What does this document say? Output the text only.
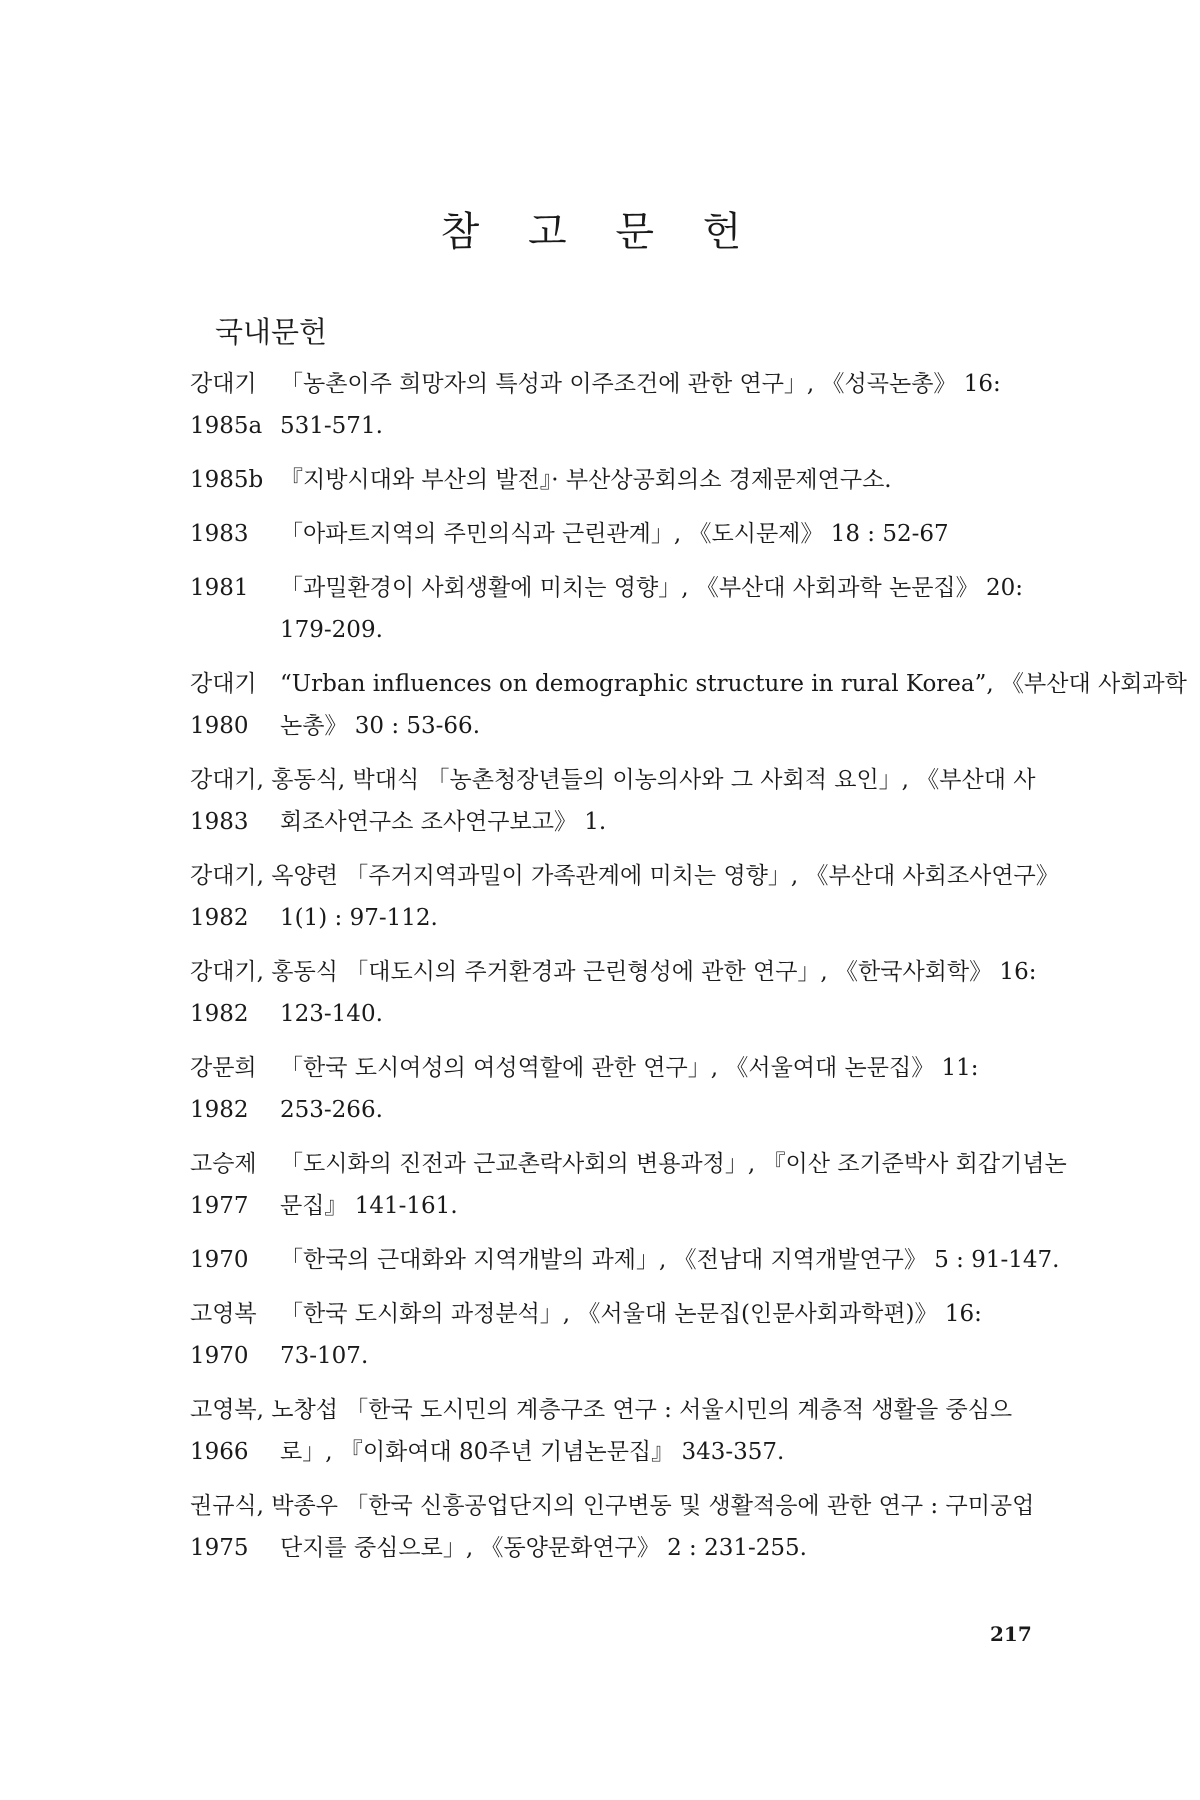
참 고 문 헌
국내문헌
강대기	「농촌이주 희망자의 특성과 이주조건에 관한 연구」, 《성곡논총》 16:
1985a 531-571.
1985b 『지방시대와 부산의 발전』· 부산상공회의소 경제문제연구소.
1983	「아파트지역의 주민의식과 근린관계」, 《도시문제》 18 : 52-67
1981	「과밀환경이 사회생활에 미치는 영향」, 《부산대 사회과학 논문집》 20:
179-209.
강대기	“Urban influences on demographic structure in rural Korea”, 《부산대 사회과학
1980	논총》 30 : 53-66.
강대기, 홍동식, 박대식 「농촌청장년들의 이농의사와 그 사회적 요인」, 《부산대 사
1983	회조사연구소 조사연구보고》 1.
강대기, 옥양련 「주거지역과밀이 가족관계에 미치는 영향」, 《부산대 사회조사연구》
1982	1(1) : 97-112.
강대기, 홍동식 「대도시의 주거환경과 근린형성에 관한 연구」, 《한국사회학》 16:
1982	123-140.
강문희	「한국 도시여성의 여성역할에 관한 연구」, 《서울여대 논문집》 11:
1982	253-266.
고승제	「도시화의 진전과 근교촌락사회의 변용과정」, 『이산 조기준박사 회갑기념논
1977	문집』 141-161.
1970	「한국의 근대화와 지역개발의 과제」, 《전남대 지역개발연구》 5 : 91-147.
고영복	「한국 도시화의 과정분석」, 《서울대 논문집(인문사회과학편)》 16:
1970	73-107.
고영복, 노창섭 「한국 도시민의 계층구조 연구 : 서울시민의 계층적 생활을 중심으
1966	로」, 『이화여대 80주년 기념논문집』 343-357.
권규식, 박종우 「한국 신흥공업단지의 인구변동 및 생활적응에 관한 연구 : 구미공업
1975	단지를 중심으로」, 《동양문화연구》 2 : 231-255.
217
